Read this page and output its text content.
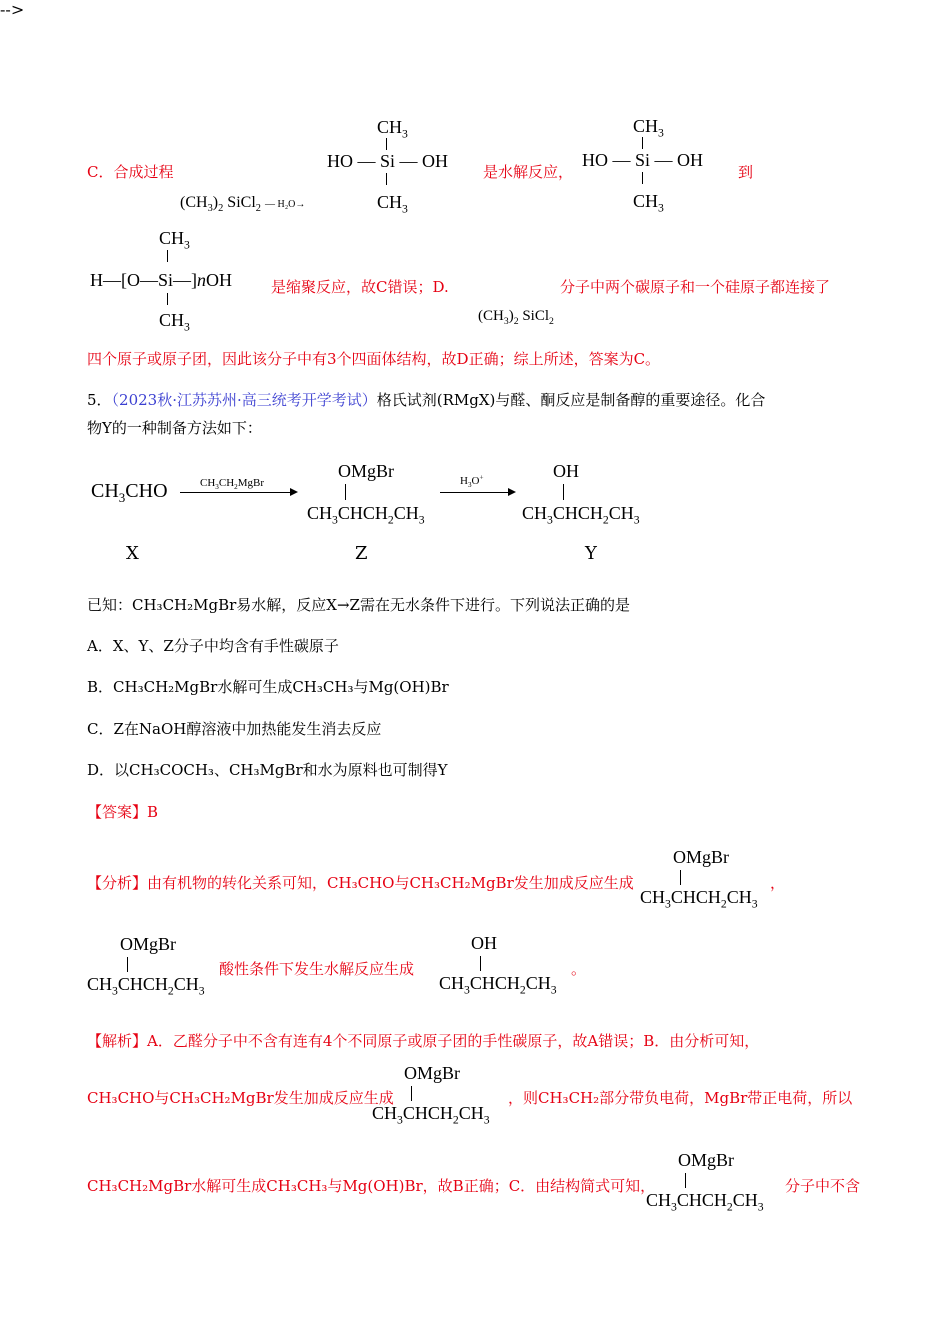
C．合成过程
-->
$(CH_3)_2$ SiCl$_2$ — H₂O→
$CH_3$
HO — Si — OH
$CH_3$
是水解反应，
$CH_3$
HO — Si — OH
$CH_3$
到
$CH_3$
H—[O—Si—]nOH
$CH_3$
是缩聚反应，故C错误；D.
$(CH_3)_2$ SiCl$_2$
分子中两个碳原子和一个硅原子都连接了
四个原子或原子团，因此该分子中有3个四面体结构，故D正确；综上所述，答案为C。
5．（2023秋·江苏苏州·高三统考开学考试）格氏试剂(RMgX)与醛、酮反应是制备醇的重要途径。化合
物Y的一种制备方法如下：
$CH_3CHO$	$CH_3CH_2MgBr$
OMgBr
$CH_3CHCH_2CH_3$
$H_3O^+$	OH
$CH_3CHCH_2CH_3$
X	Z	Y
已知：CH₃CH₂MgBr易水解，反应X→Z需在无水条件下进行。下列说法正确的是
A．X、Y、Z分子中均含有手性碳原子
B．CH₃CH₂MgBr水解可生成CH₃CH₃与Mg(OH)Br
C．Z在NaOH醇溶液中加热能发生消去反应
D．以CH₃COCH₃、CH₃MgBr和水为原料也可制得Y
【答案】B
【分析】由有机物的转化关系可知，CH₃CHO与CH₃CH₂MgBr发生加成反应生成
OMgBr
$CH_3CHCH_2CH_3$
，
OMgBr
$CH_3CHCH_2CH_3$
酸性条件下发生水解反应生成
OH
$CH_3CHCH_2CH_3$
。
【解析】A．乙醛分子中不含有连有4个不同原子或原子团的手性碳原子，故A错误；B．由分析可知，
CH₃CHO与CH₃CH₂MgBr发生加成反应生成
OMgBr
$CH_3CHCH_2CH_3$
，则CH₃CH₂部分带负电荷，MgBr带正电荷，所以
CH₃CH₂MgBr水解可生成CH₃CH₃与Mg(OH)Br，故B正确；C．由结构简式可知，
OMgBr
$CH_3CHCH_2CH_3$
分子中不含
